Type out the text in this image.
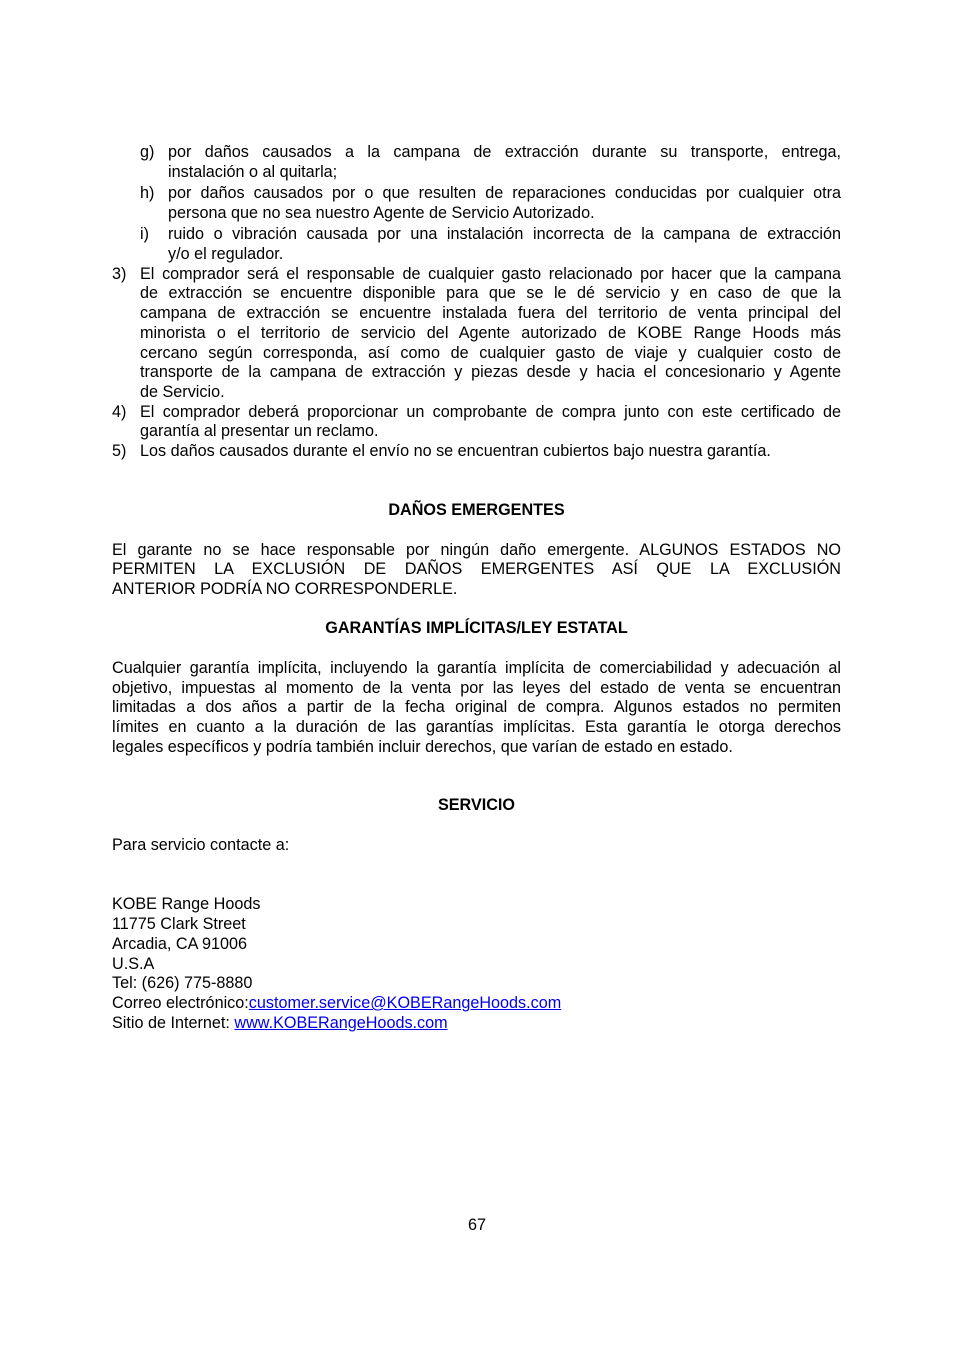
g) por daños causados a la campana de extracción durante su transporte, entrega,
instalación o al quitarla;
h) por daños causados por o que resulten de reparaciones conducidas por cualquier otra
persona que no sea nuestro Agente de Servicio Autorizado.
i) ruido o vibración causada por una instalación incorrecta de la campana de extracción
y/o el regulador.
3) El comprador será el responsable de cualquier gasto relacionado por hacer que la campana
de extracción se encuentre disponible para que se le dé servicio y en caso de que la
campana de extracción se encuentre instalada fuera del territorio de venta principal del
minorista o el territorio de servicio del Agente autorizado de KOBE Range Hoods más
cercano según corresponda, así como de cualquier gasto de viaje y cualquier costo de
transporte de la campana de extracción y piezas desde y hacia el concesionario y Agente
de Servicio.
4) El comprador deberá proporcionar un comprobante de compra junto con este certificado de
garantía al presentar un reclamo.
5) Los daños causados durante el envío no se encuentran cubiertos bajo nuestra garantía.
DAÑOS EMERGENTES
El garante no se hace responsable por ningún daño emergente. ALGUNOS ESTADOS NO
PERMITEN LA EXCLUSIÓN DE DAÑOS EMERGENTES ASÍ QUE LA EXCLUSIÓN
ANTERIOR PODRÍA NO CORRESPONDERLE.
GARANTÍAS IMPLÍCITAS/LEY ESTATAL
Cualquier garantía implícita, incluyendo la garantía implícita de comerciabilidad y adecuación al
objetivo, impuestas al momento de la venta por las leyes del estado de venta se encuentran
limitadas a dos años a partir de la fecha original de compra. Algunos estados no permiten
límites en cuanto a la duración de las garantías implícitas. Esta garantía le otorga derechos
legales específicos y podría también incluir derechos, que varían de estado en estado.
SERVICIO
Para servicio contacte a:
KOBE Range Hoods
11775 Clark Street
Arcadia, CA 91006
U.S.A
Tel: (626) 775-8880
Correo electrónico:customer.service@KOBERangeHoods.com
Sitio de Internet: www.KOBERangeHoods.com
67
